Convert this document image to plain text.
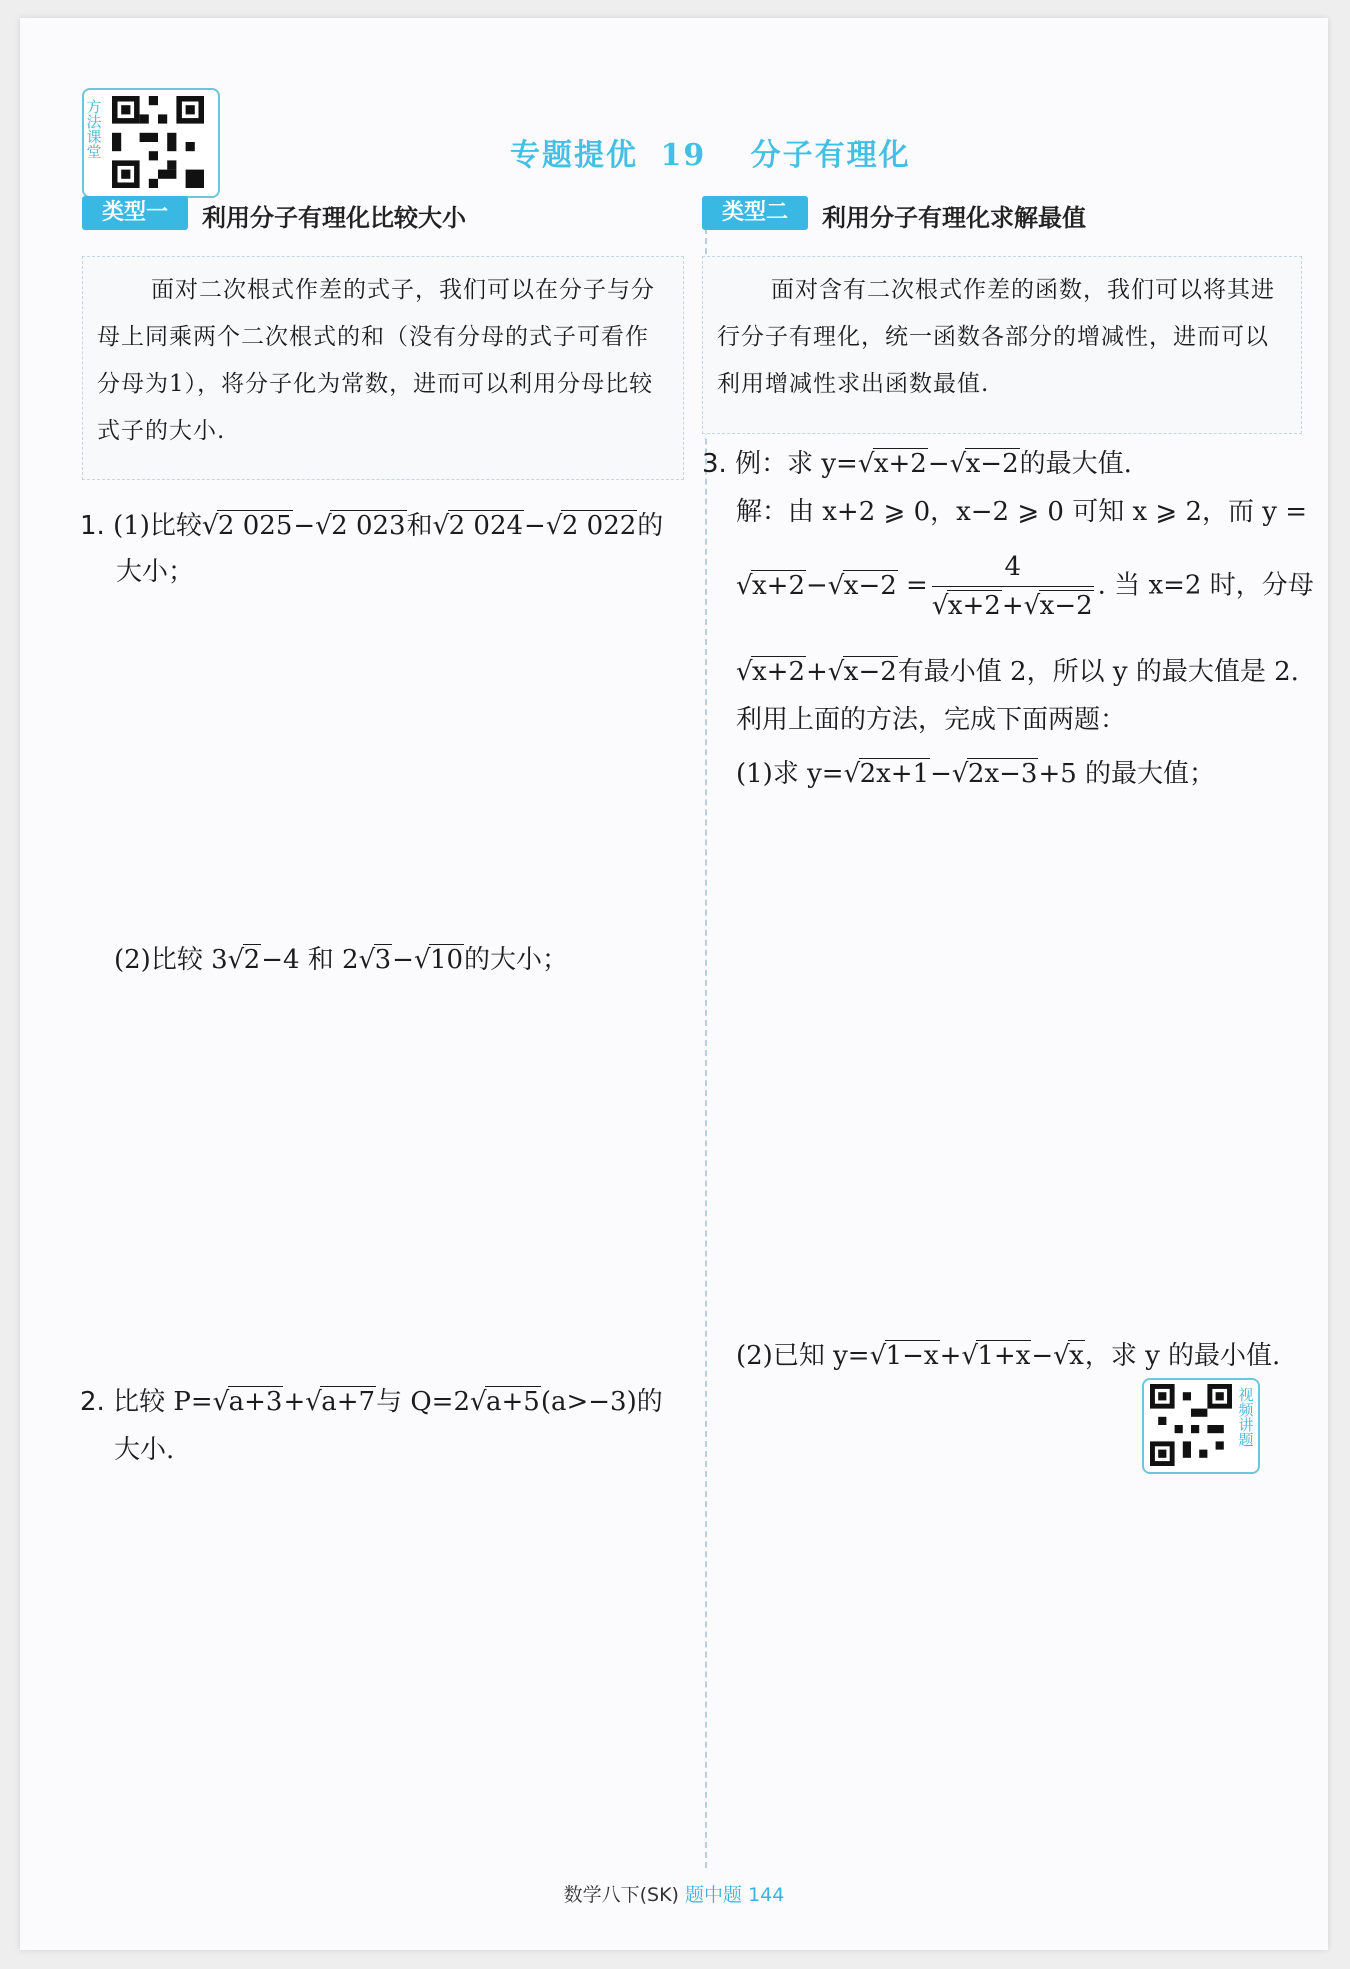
方法课堂	专题提优 19 分子有理化
类型一	利用分子有理化比较大小
面对二次根式作差的式子，我们可以在分子与分母上同乘两个二次根式的和（没有分母的式子可看作分母为1），将分子化为常数，进而可以利用分母比较式子的大小.
1. (1)比较 √ 2 025− √ 2 023和 √ 2 024− √ 2 022的
大小；
(2)比较 3 √ 2−4 和 2 √ 3− √ 10的大小；
2. 比较 P= √ a+3+ √ a+7与 Q=2 √ a+5(a>−3)的
大小.
类型二	利用分子有理化求解最值
面对含有二次根式作差的函数，我们可以将其进行分子有理化，统一函数各部分的增减性，进而可以利用增减性求出函数最值.
3. 例：求 y= √ x+2− √ x−2的最大值.
解：由 x+2 ⩾ 0，x−2 ⩾ 0 可知 x ⩾ 2，而 y =
√ x+2− √ x−2 = 4
√ x+2+ √ x−2 . 当 x=2 时，分母
√ x+2+ √ x−2有最小值 2，所以 y 的最大值是 2.
利用上面的方法，完成下面两题：
(1)求 y= √ 2x+1− √ 2x−3+5 的最大值；
(2)已知 y= √ 1−x+ √ 1+x− √ x，求 y 的最小值.
视频讲题
数学八下(SK) 题中题 144
